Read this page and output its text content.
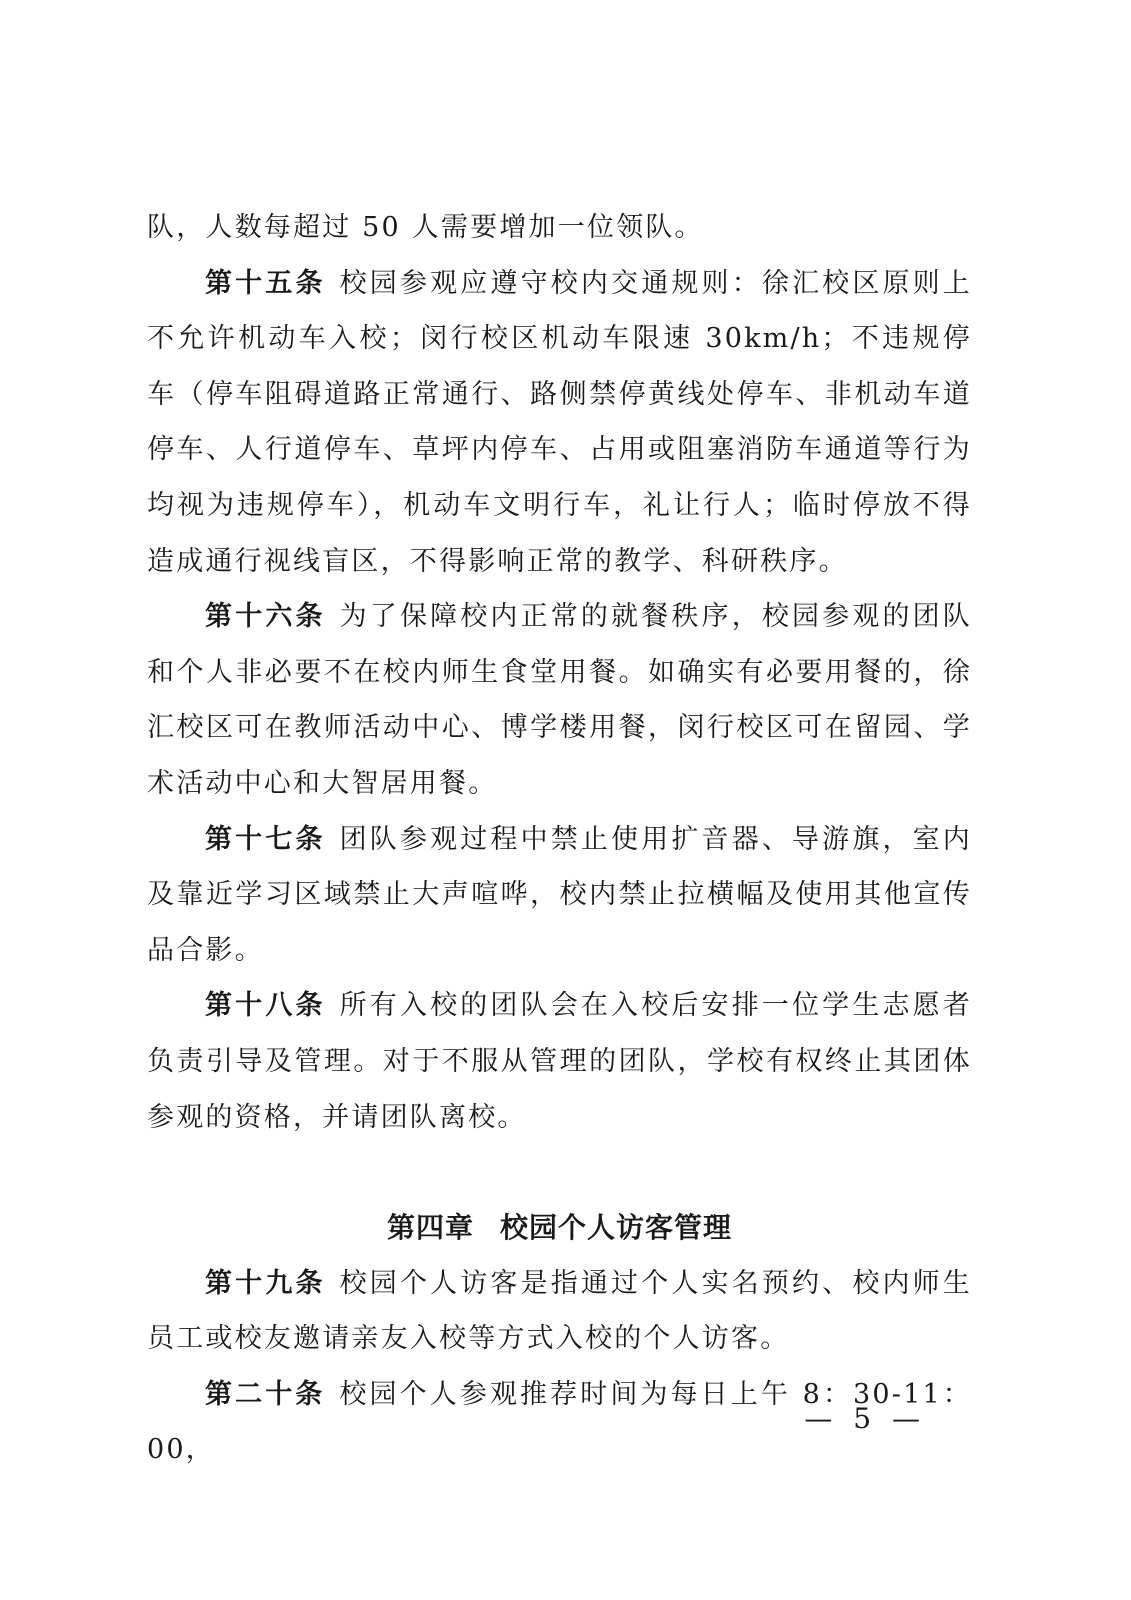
队，人数每超过 50 人需要增加一位领队。

第十五条 校园参观应遵守校内交通规则：徐汇校区原则上不允许机动车入校；闵行校区机动车限速 30km/h；不违规停车（停车阻碍道路正常通行、路侧禁停黄线处停车、非机动车道停车、人行道停车、草坪内停车、占用或阻塞消防车通道等行为均视为违规停车），机动车文明行车，礼让行人；临时停放不得造成通行视线盲区，不得影响正常的教学、科研秩序。

第十六条 为了保障校内正常的就餐秩序，校园参观的团队和个人非必要不在校内师生食堂用餐。如确实有必要用餐的，徐汇校区可在教师活动中心、博学楼用餐，闵行校区可在留园、学术活动中心和大智居用餐。

第十七条 团队参观过程中禁止使用扩音器、导游旗，室内及靠近学习区域禁止大声喧哗，校内禁止拉横幅及使用其他宣传品合影。

第十八条 所有入校的团队会在入校后安排一位学生志愿者负责引导及管理。对于不服从管理的团队，学校有权终止其团体参观的资格，并请团队离校。

第四章 校园个人访客管理

第十九条 校园个人访客是指通过个人实名预约、校内师生员工或校友邀请亲友入校等方式入校的个人访客。

第二十条 校园个人参观推荐时间为每日上午 8：30-11：00，

— 5 —
